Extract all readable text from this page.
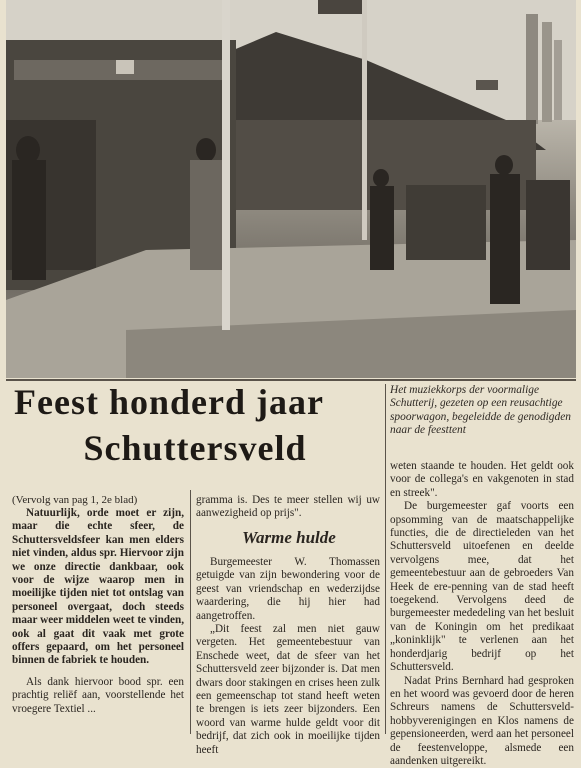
Feest honderd jaar
Schuttersveld
Het muziekkorps der voormalige Schutterij, gezeten op een reusachtige spoorwagon, begeleidde de genodigden naar de feesttent

(Vervolg van pag 1, 2e blad)

Natuurlijk, orde moet er zijn, maar die echte sfeer, de Schuttersveldsfeer kan men elders niet vinden, aldus spr. Hiervoor zijn we onze directie dankbaar, ook voor de wijze waarop men in moeilijke tijden niet tot ontslag van personeel overgaat, doch steeds maar weer middelen weet te vinden, ook al gaat dit vaak met grote offers gepaard, om het personeel binnen de fabriek te houden.

Als dank hiervoor bood spr. een prachtig reliëf aan, voorstellende het vroegere Textiel ...

gramma is. Des te meer stellen wij uw aanwezigheid op prijs".

Warme hulde

Burgemeester W. Thomassen getuigde van zijn bewondering voor de geest van vriendschap en wederzijdse waardering, die hij hier had aangetroffen.

„Dit feest zal men niet gauw vergeten. Het gemeentebestuur van Enschede weet, dat de sfeer van het Schuttersveld zeer bijzonder is. Dat men dwars door stakingen en crises heen zulk een gemeenschap tot stand heeft weten te brengen is iets zeer bijzonders. Een woord van warme hulde geldt voor dit bedrijf, dat zich ook in moeilijke tijden heeft

weten staande te houden. Het geldt ook voor de collega's en vakgenoten in stad en streek".

De burgemeester gaf voorts een opsomming van de maatschappelijke functies, die de directieleden van het Schuttersveld uitoefenen en deelde vervolgens mee, dat het gemeentebestuur aan de gebroeders Van Heek de ere-penning van de stad heeft toegekend. Vervolgens deed de burgemeester mededeling van het besluit van de Koningin om het predikaat „koninklijk" te verlenen aan het honderdjarig bedrijf op het Schuttersveld.

Nadat Prins Bernhard had gesproken en het woord was gevoerd door de heren Schreurs namens de Schuttersveld-hobbyverenigingen en Klos namens de gepensioneerden, werd aan het personeel de feestenveloppe, alsmede een aandenken uitgereikt.
